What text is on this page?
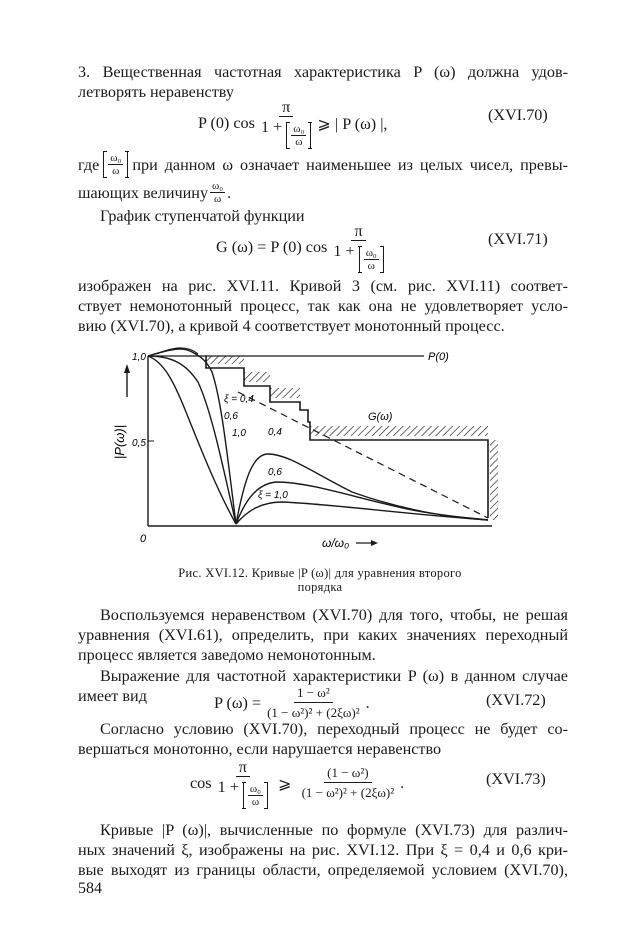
3. Вещественная частотная характеристика P (ω) должна удов-
летворять неравенству
P (0) $\cos \frac{\pi}{1 + \frac{\text{ω₀}}{\omega}}$ ⩾ | P (ω) |,	(XVI.70)
где $\frac{\text{ω₀}}{\omega}$ при данном ω означает наименьшее из целых чисел, превы-
шающих величину $\frac{\text{ω₀}}{\omega}$ .
График ступенчатой функции
G (ω) = P (0) $\cos \frac{\pi}{1 + \frac{\text{ω₀}}{\omega}}$	(XVI.71)
изображен на рис. XVI.11. Кривой 3 (см. рис. XVI.11) соответ-
ствует немонотонный процесс, так как она не удовлетворяет усло-
вию (XVI.70), а кривой 4 соответствует монотонный процесс.
|P(ω)|
1,0
0,5
0	ω/ω₀
P(0)
G(ω)
ξ = 0,4
0,6
1,0 0,4
0,6
ξ = 1,0
Рис. XVI.12. Кривые |P (ω)| для уравнения второго
порядка
Воспользуемся неравенством (XVI.70) для того, чтобы, не решая
уравнения (XVI.61), определить, при каких значениях переходный
процесс является заведомо немонотонным.
Выражение для частотной характеристики P (ω) в данном случае
имеет вид	P $(\omega) = \frac{\text{1 − ω²}}{\text{(1 − ω²)² + (2ξω)²}}$ .	(XVI.72)
Согласно условию (XVI.70), переходный процесс не будет со-
вершаться монотонно, если нарушается неравенство
$\cos \frac{\pi}{1 + \frac{\text{ω₀}}{\omega}}$ ⩾ $\frac{\text{(1 − ω²)}}{\text{(1 − ω²)² + (2ξω)²}}$ .	(XVI.73)
Кривые |P (ω)|, вычисленные по формуле (XVI.73) для различ-
ных значений ξ, изображены на рис. XVI.12. При ξ = 0,4 и 0,6 кри-
вые выходят из границы области, определяемой условием (XVI.70),
584
